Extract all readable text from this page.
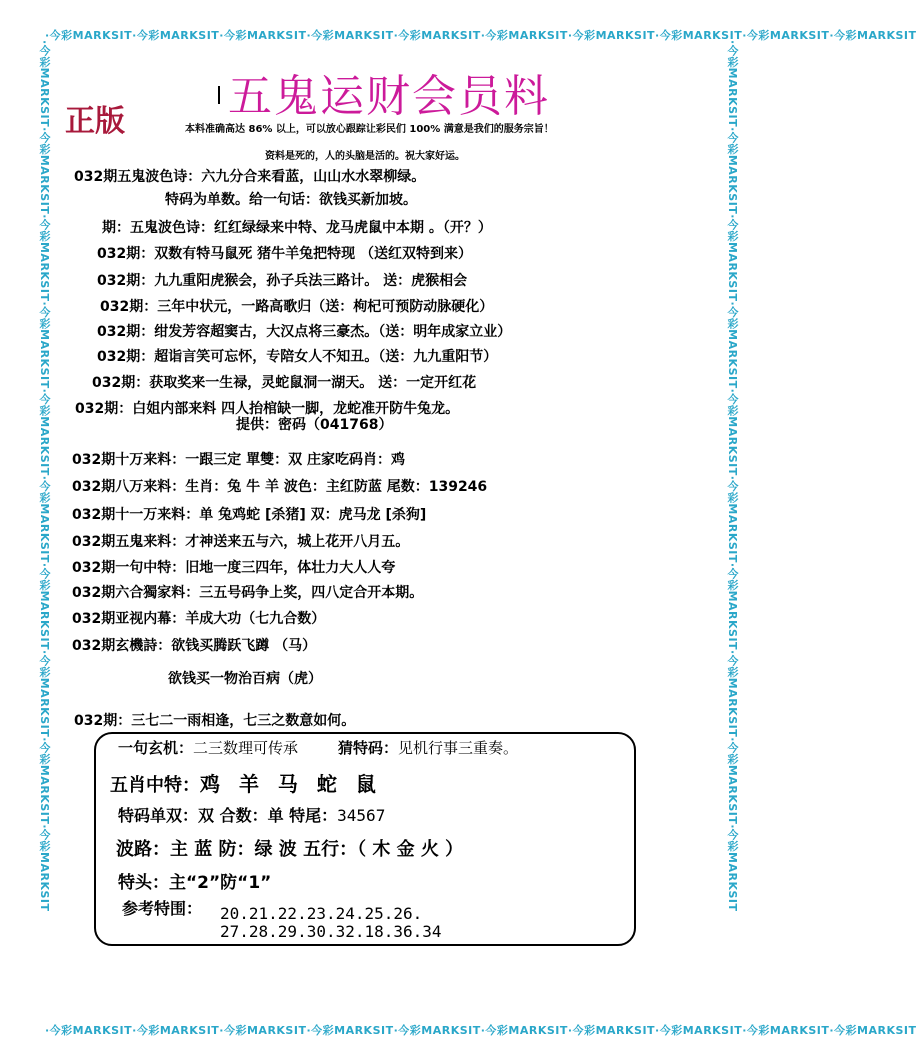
·今彩MARKSIT·今彩MARKSIT·今彩MARKSIT·今彩MARKSIT·今彩MARKSIT·今彩MARKSIT·今彩MARKSIT·今彩MARKSIT·今彩MARKSIT·今彩MARKSIT
·今彩MARKSIT·今彩MARKSIT·今彩MARKSIT·今彩MARKSIT·今彩MARKSIT·今彩MARKSIT·今彩MARKSIT·今彩MARKSIT·今彩MARKSIT·今彩MARKSIT
·今彩MARKSIT·今彩MARKSIT·今彩MARKSIT·今彩MARKSIT·今彩MARKSIT·今彩MARKSIT·今彩MARKSIT·今彩MARKSIT·今彩MARKSIT·今彩MARKSIT	·今彩MARKSIT·今彩MARKSIT·今彩MARKSIT·今彩MARKSIT·今彩MARKSIT·今彩MARKSIT·今彩MARKSIT·今彩MARKSIT·今彩MARKSIT·今彩MARKSIT
五鬼运财会员料
正版	本料准确高达 86% 以上，可以放心跟踪让彩民们 100% 满意是我们的服务宗旨！
资料是死的，人的头脑是活的。祝大家好运。
032期五鬼波色诗：六九分合来看蓝，山山水水翠柳绿。
特码为单数。给一句话：欲钱买新加坡。
期：五鬼波色诗：红红绿绿来中特、龙马虎鼠中本期 。（开？）
032期：双数有特马鼠死 猪牛羊兔把特现 （送红双特到来）
032期：九九重阳虎猴会，孙子兵法三路计。 送：虎猴相会
032期：三年中状元，一路高歌归（送：枸杞可预防动脉硬化）
032期：绀发芳容超窦古，大汉点将三豪杰。（送：明年成家立业）
032期：超诣言笑可忘怀，专陪女人不知丑。（送：九九重阳节）
032期：获取奖来一生禄，灵蛇鼠洞一湖天。 送：一定开红花
032期：白姐内部来料 四人抬棺缺一脚，龙蛇准开防牛兔龙。
提供：密码（041768）
032期十万来料：一跟三定 單雙：双 庄家吃码肖：鸡
032期八万来料：生肖：兔 牛 羊 波色：主红防蓝 尾数：139246
032期十一万来料：单 兔鸡蛇 [杀猪] 双：虎马龙 [杀狗]
032期五鬼来料：才神送来五与六，城上花开八月五。
032期一句中特：旧地一度三四年，体壮力大人人夸
032期六合獨家料：三五号码争上奖，四八定合开本期。
032期亚视内幕：羊成大功（七九合数）
032期玄機詩：欲钱买腾跃飞蹲 （马）
欲钱买一物治百病（虎）
032期：三七二一雨相逢，七三之数意如何。
一句玄机：二三数理可传承	猜特码：见机行事三重奏。
五肖中特：鸡 羊 马 蛇 鼠
特码单双：双 合数：单 特尾：34567
波路：主 蓝 防：绿 波 五行：（ 木 金 火 ）
特头：主“2”防“1”
参考特围： 20.21.22.23.24.25.26.
27.28.29.30.32.18.36.34
